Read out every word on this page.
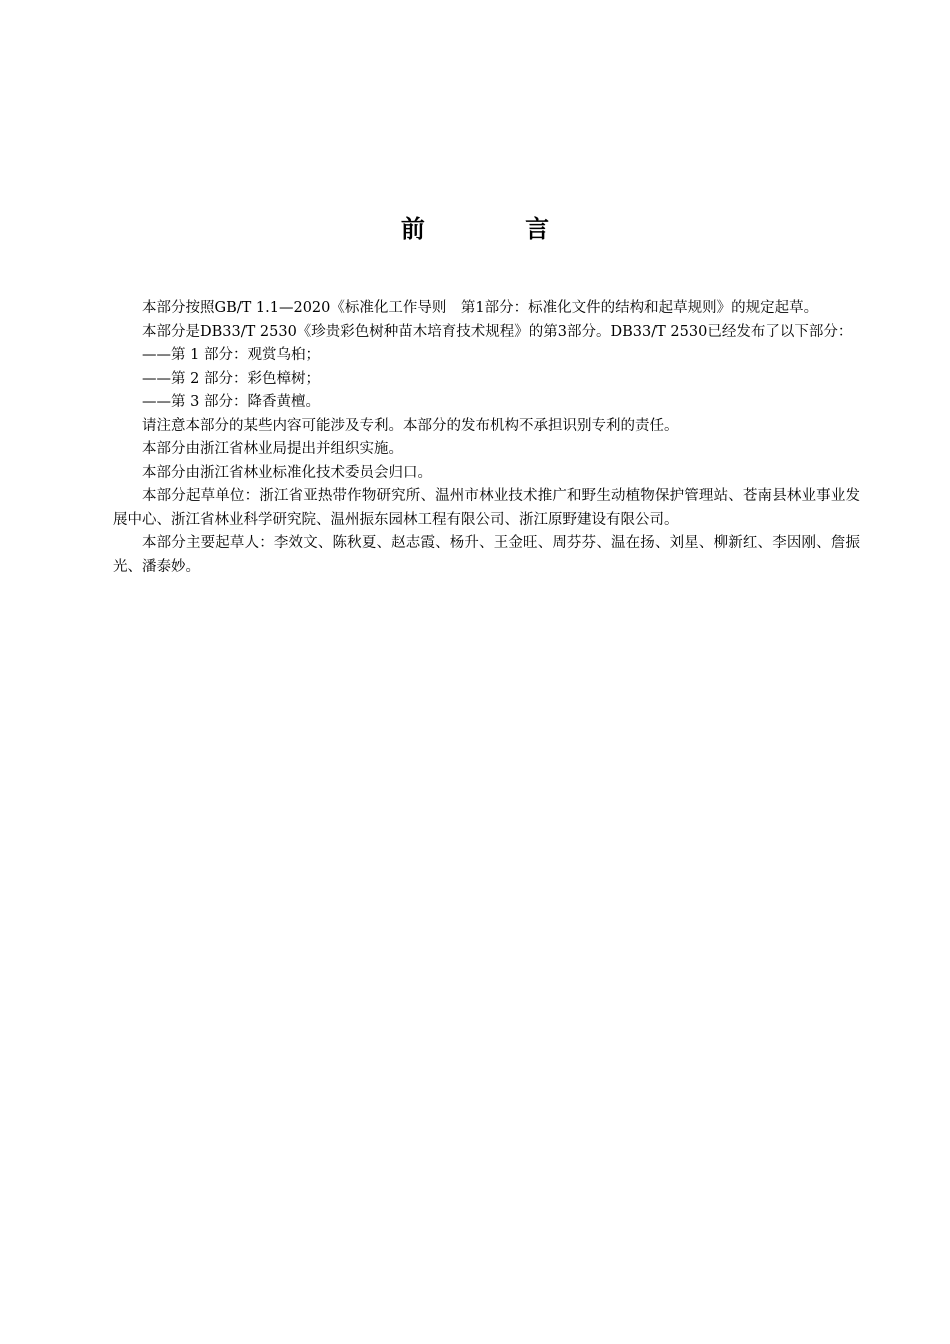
前 言

本部分按照GB/T 1.1—2020《标准化工作导则　第1部分：标准化文件的结构和起草规则》的规定起草。

本部分是DB33/T 2530《珍贵彩色树种苗木培育技术规程》的第3部分。DB33/T 2530已经发布了以下部分：

——第 1 部分：观赏乌桕；

——第 2 部分：彩色樟树；

——第 3 部分：降香黄檀。

请注意本部分的某些内容可能涉及专利。本部分的发布机构不承担识别专利的责任。

本部分由浙江省林业局提出并组织实施。

本部分由浙江省林业标准化技术委员会归口。

本部分起草单位：浙江省亚热带作物研究所、温州市林业技术推广和野生动植物保护管理站、苍南县林业事业发展中心、浙江省林业科学研究院、温州振东园林工程有限公司、浙江原野建设有限公司。

本部分主要起草人：李效文、陈秋夏、赵志霞、杨升、王金旺、周芬芬、温在扬、刘星、柳新红、李因刚、詹振光、潘泰妙。
